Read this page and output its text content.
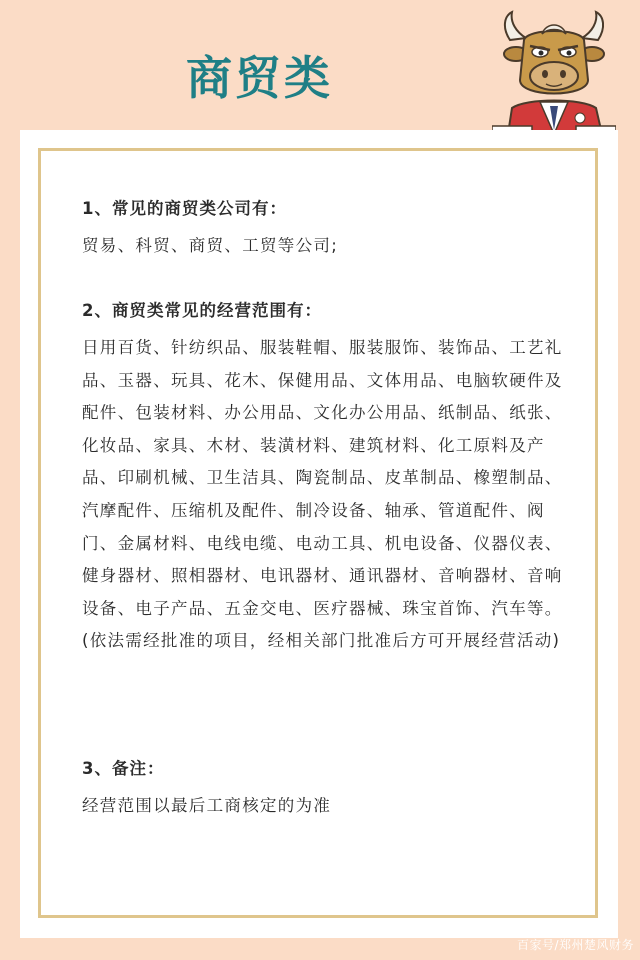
商贸类

1、常见的商贸类公司有：

贸易、科贸、商贸、工贸等公司;

2、商贸类常见的经营范围有：

日用百货、针纺织品、服装鞋帽、服装服饰、装饰品、工艺礼品、玉器、玩具、花木、保健用品、文体用品、电脑软硬件及配件、包装材料、办公用品、文化办公用品、纸制品、纸张、化妆品、家具、木材、装潢材料、建筑材料、化工原料及产品、印刷机械、卫生洁具、陶瓷制品、皮革制品、橡塑制品、汽摩配件、压缩机及配件、制冷设备、轴承、管道配件、阀门、金属材料、电线电缆、电动工具、机电设备、仪器仪表、健身器材、照相器材、电讯器材、通讯器材、音响器材、音响设备、电子产品、五金交电、医疗器械、珠宝首饰、汽车等。(依法需经批准的项目，经相关部门批准后方可开展经营活动)

3、备注：

经营范围以最后工商核定的为准

百家号/郑州楚风财务
